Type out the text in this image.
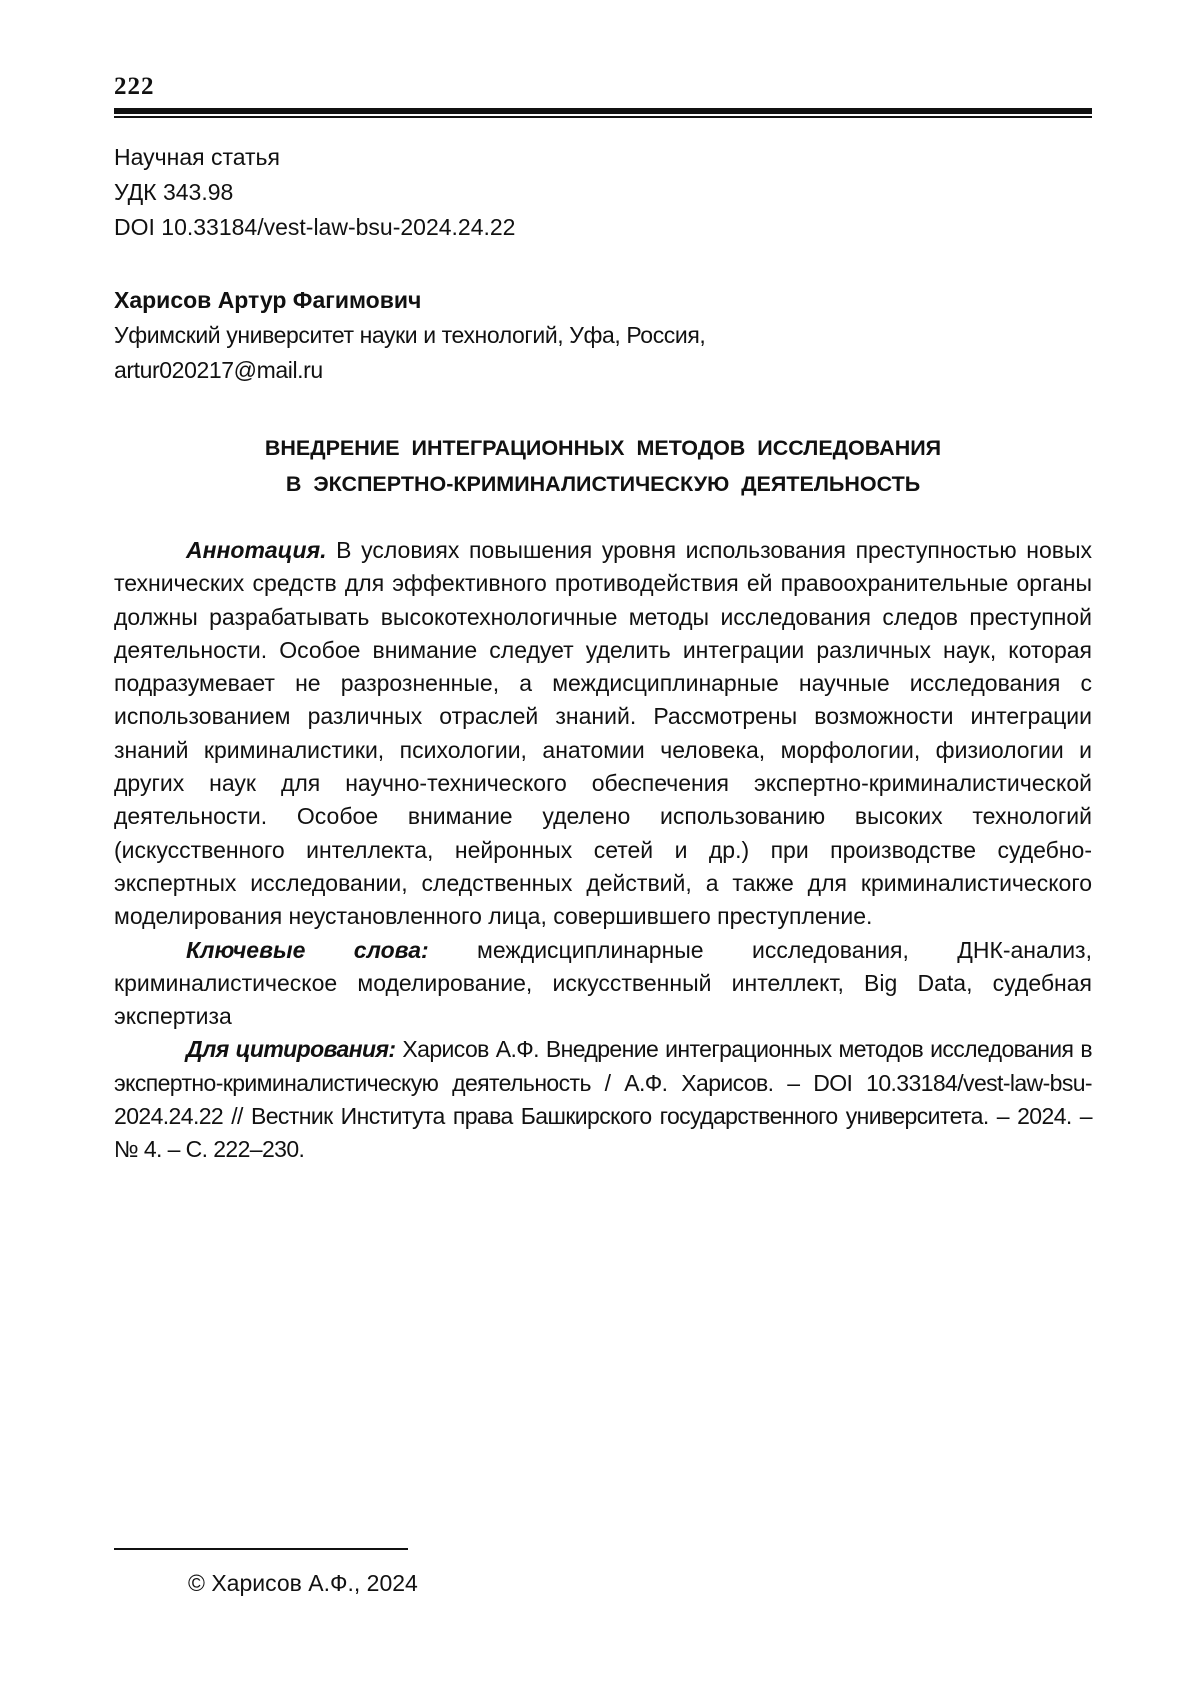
222
Научная статья
УДК 343.98
DOI 10.33184/vest-law-bsu-2024.24.22
Харисов Артур Фагимович
Уфимский университет науки и технологий, Уфа, Россия,
artur020217@mail.ru
ВНЕДРЕНИЕ ИНТЕГРАЦИОННЫХ МЕТОДОВ ИССЛЕДОВАНИЯ
В ЭКСПЕРТНО-КРИМИНАЛИСТИЧЕСКУЮ ДЕЯТЕЛЬНОСТЬ

Аннотация. В условиях повышения уровня использования преступностью новых технических средств для эффективного противодействия ей правоохранительные органы должны разрабатывать высокотехнологичные методы исследования следов преступной деятельности. Особое внимание следует уделить интеграции различных наук, которая подразумевает не разрозненные, а междисциплинарные научные исследования с использованием различных отраслей знаний. Рассмотрены возможности интеграции знаний криминалистики, психологии, анатомии человека, морфологии, физиологии и других наук для научно-технического обеспечения экспертно-криминалистической деятельности. Особое внимание уделено использованию высоких технологий (искусственного интеллекта, нейронных сетей и др.) при производстве судебно-экспертных исследовании, следственных действий, а также для криминалистического моделирования неустановленного лица, совершившего преступление.

Ключевые слова: междисциплинарные исследования, ДНК-анализ, криминалистическое моделирование, искусственный интеллект, Big Data, судебная экспертиза

Для цитирования: Харисов А.Ф. Внедрение интеграционных методов исследования в экспертно-криминалистическую деятельность / А.Ф. Харисов. – DOI 10.33184/vest-law-bsu-2024.24.22 // Вестник Института права Башкирского государственного университета. – 2024. – № 4. – С. 222–230.

© Харисов А.Ф., 2024
